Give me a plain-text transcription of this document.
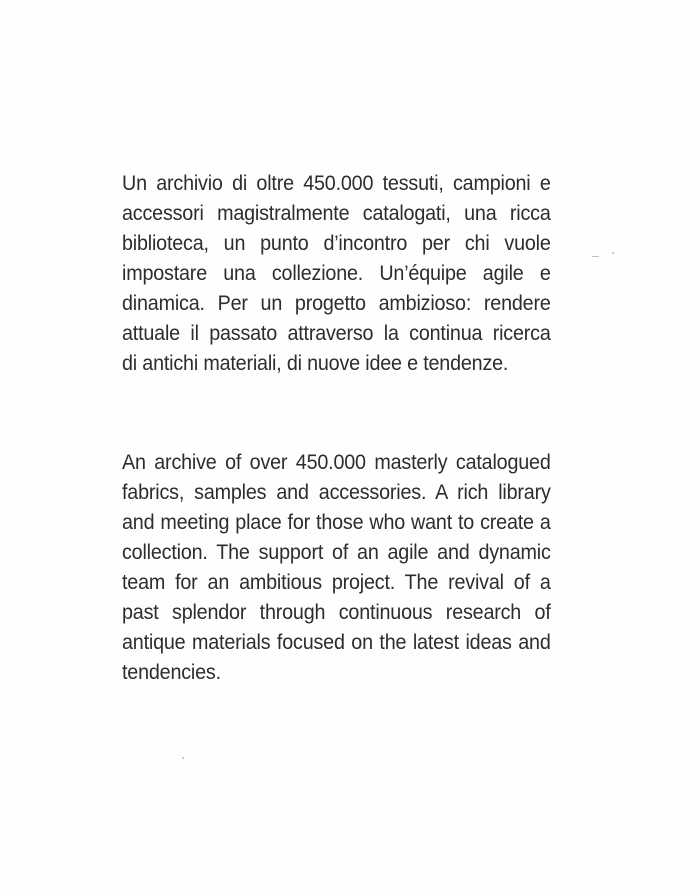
Un archivio di oltre 450.000 tessuti, campioni e
accessori magistralmente catalogati, una ricca
biblioteca, un punto d’incontro per chi vuole
impostare una collezione. Un’équipe agile e
dinamica. Per un progetto ambizioso: rendere
attuale il passato attraverso la continua ricerca
di antichi materiali, di nuove idee e tendenze.
An archive of over 450.000 masterly catalogued
fabrics, samples and accessories. A rich library
and meeting place for those who want to create a
collection. The support of an agile and dynamic
team for an ambitious project. The revival of a
past splendor through continuous research of
antique materials focused on the latest ideas and
tendencies.
